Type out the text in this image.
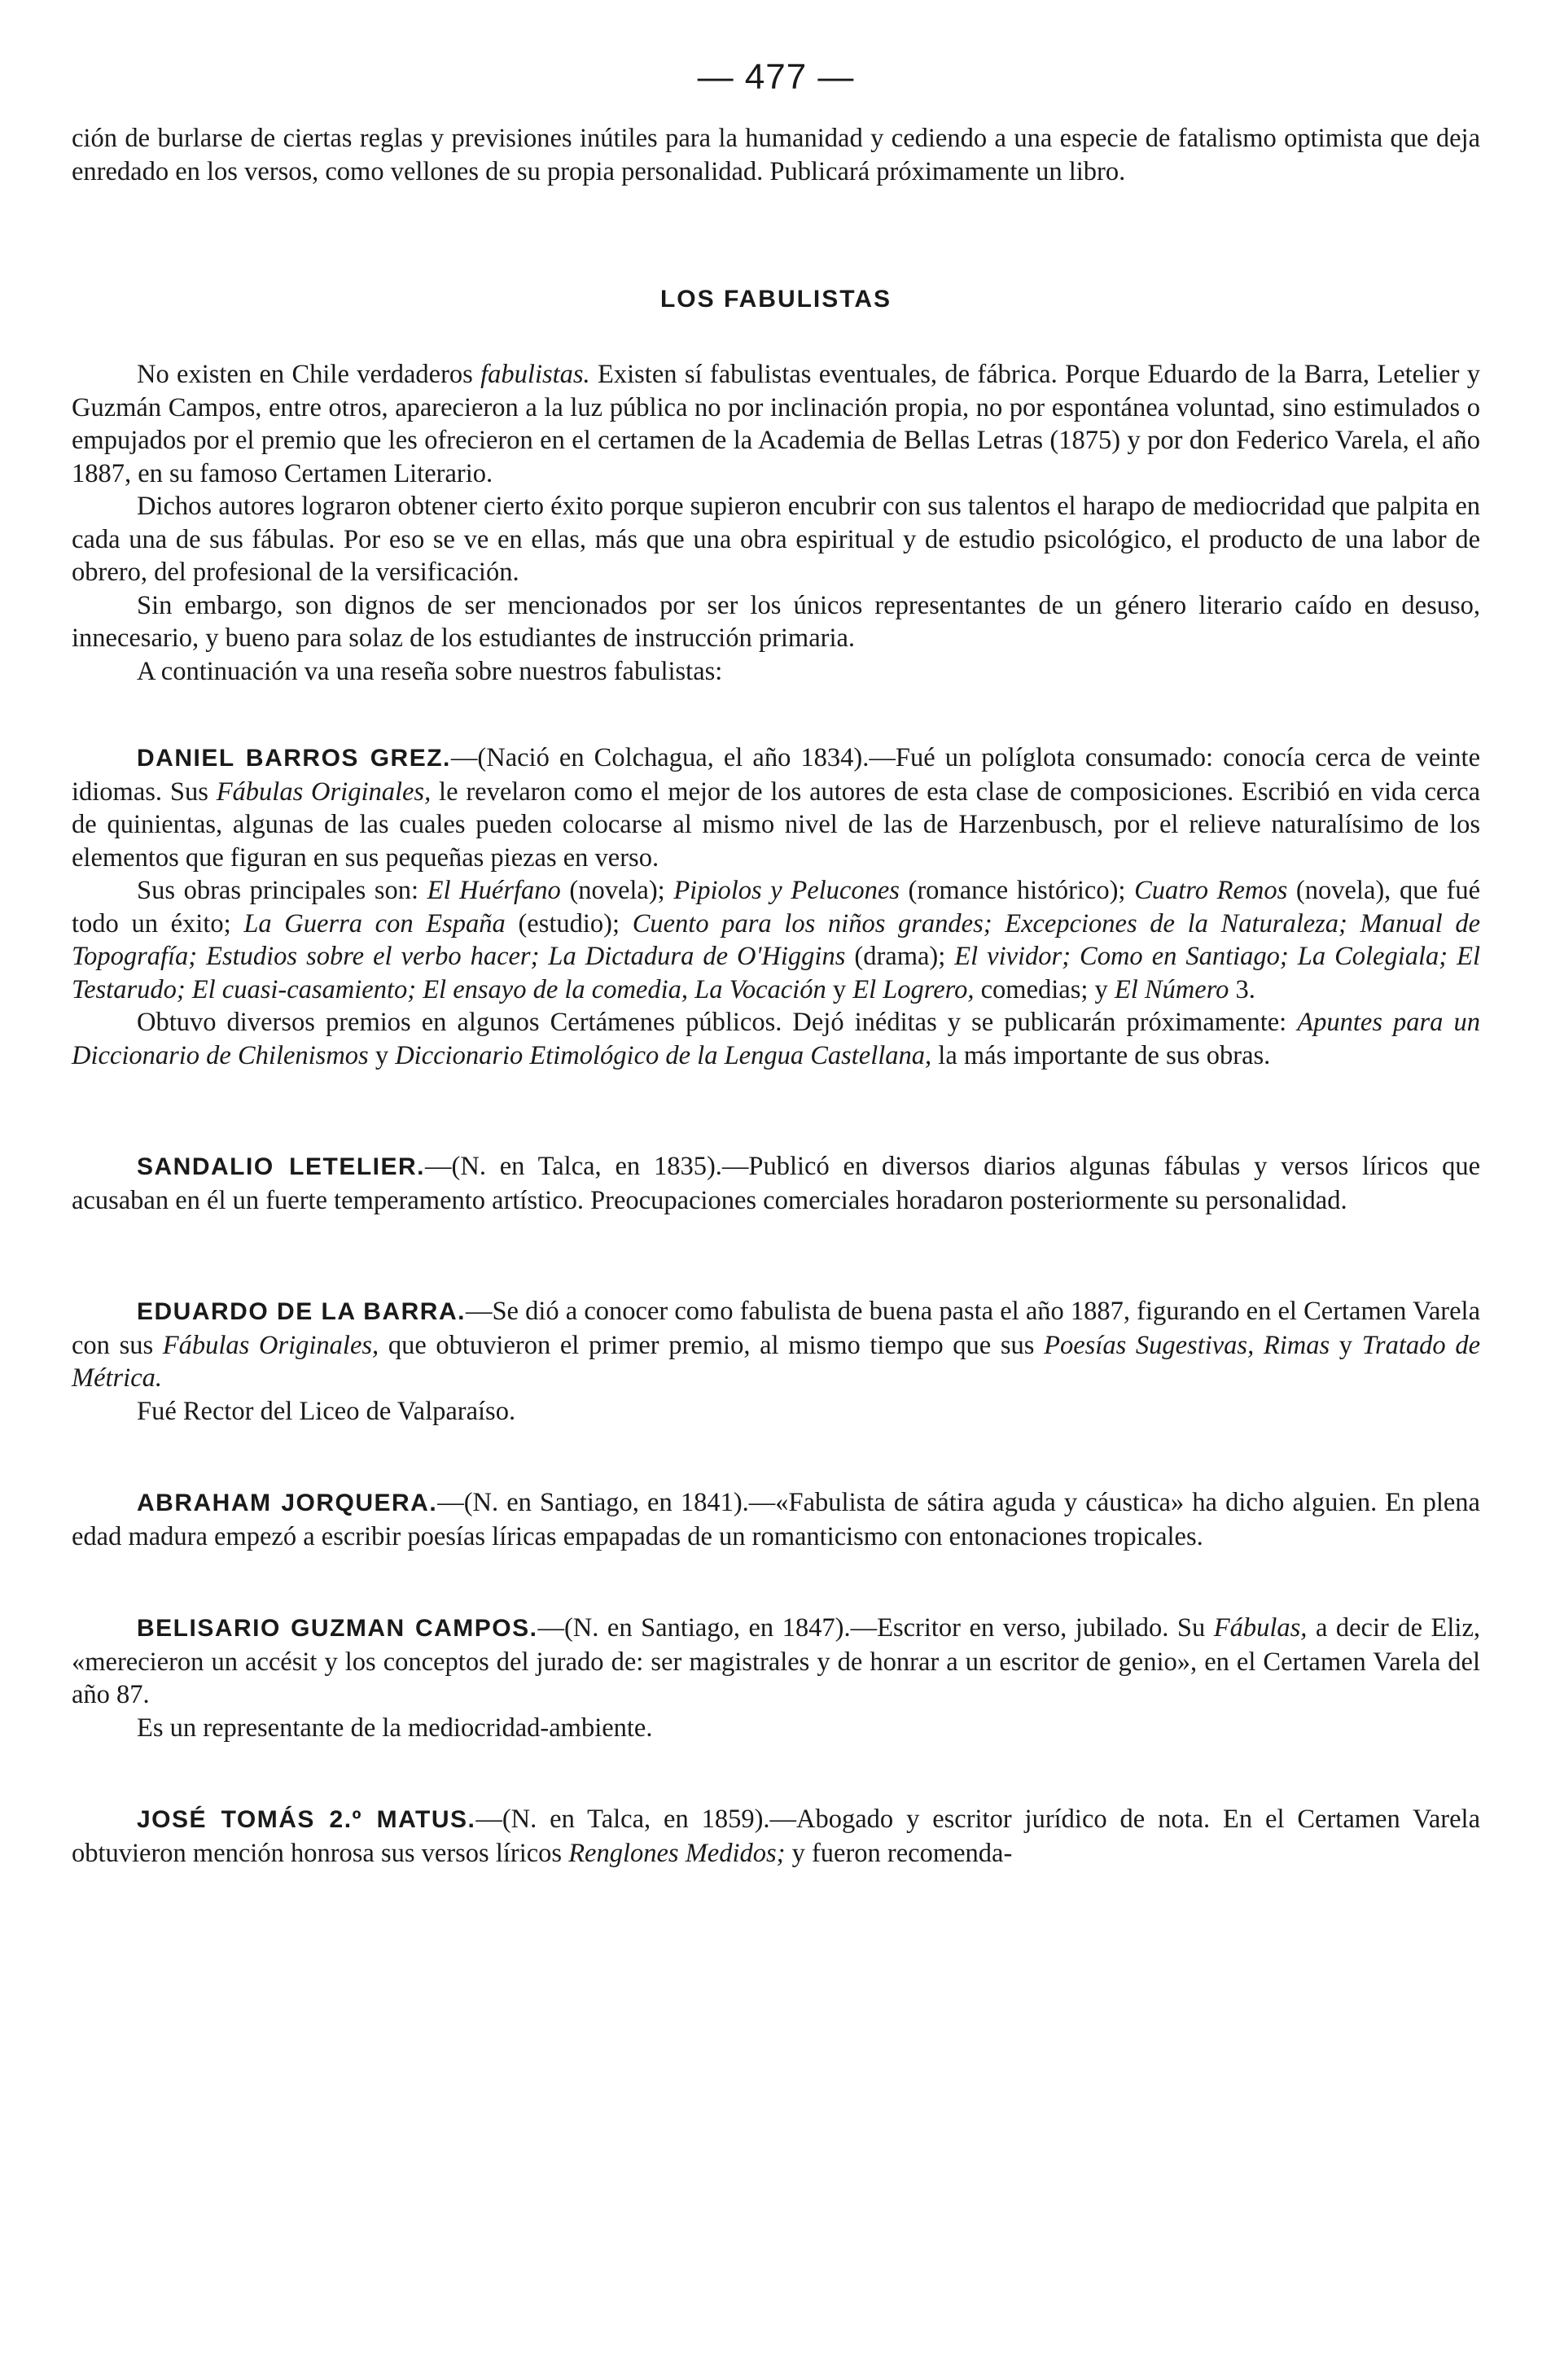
— 477 —

ción de burlarse de ciertas reglas y previsiones inútiles para la humanidad y cediendo a una especie de fatalismo optimista que deja enredado en los versos, como vellones de su propia personalidad. Publicará próximamente un libro.

LOS FABULISTAS

No existen en Chile verdaderos fabulistas. Existen sí fabulistas eventuales, de fábrica. Porque Eduardo de la Barra, Letelier y Guzmán Campos, entre otros, aparecieron a la luz pública no por inclinación propia, no por espontánea voluntad, sino estimulados o empujados por el premio que les ofrecieron en el certamen de la Academia de Bellas Letras (1875) y por don Federico Varela, el año 1887, en su famoso Certamen Literario.

Dichos autores lograron obtener cierto éxito porque supieron encubrir con sus talentos el harapo de mediocridad que palpita en cada una de sus fábulas. Por eso se ve en ellas, más que una obra espiritual y de estudio psicológico, el producto de una labor de obrero, del profesional de la versificación.

Sin embargo, son dignos de ser mencionados por ser los únicos representantes de un género literario caído en desuso, innecesario, y bueno para solaz de los estudiantes de instrucción primaria.

A continuación va una reseña sobre nuestros fabulistas:

DANIEL BARROS GREZ.—(Nació en Colchagua, el año 1834).—Fué un políglota consumado: conocía cerca de veinte idiomas. Sus Fábulas Originales, le revelaron como el mejor de los autores de esta clase de composiciones. Escribió en vida cerca de quinientas, algunas de las cuales pueden colocarse al mismo nivel de las de Harzenbusch, por el relieve naturalísimo de los elementos que figuran en sus pequeñas piezas en verso.

Sus obras principales son: El Huérfano (novela); Pipiolos y Pelucones (romance histórico); Cuatro Remos (novela), que fué todo un éxito; La Guerra con España (estudio); Cuento para los niños grandes; Excepciones de la Naturaleza; Manual de Topografía; Estudios sobre el verbo hacer; La Dictadura de O'Higgins (drama); El vividor; Como en Santiago; La Colegiala; El Testarudo; El cuasi-casamiento; El ensayo de la comedia, La Vocación y El Logrero, comedias; y El Número 3.

Obtuvo diversos premios en algunos Certámenes públicos. Dejó inéditas y se publicarán próximamente: Apuntes para un Diccionario de Chilenismos y Diccionario Etimológico de la Lengua Castellana, la más importante de sus obras.

SANDALIO LETELIER.—(N. en Talca, en 1835).—Publicó en diversos diarios algunas fábulas y versos líricos que acusaban en él un fuerte temperamento artístico. Preocupaciones comerciales horadaron posteriormente su personalidad.

EDUARDO DE LA BARRA.—Se dió a conocer como fabulista de buena pasta el año 1887, figurando en el Certamen Varela con sus Fábulas Originales, que obtuvieron el primer premio, al mismo tiempo que sus Poesías Sugestivas, Rimas y Tratado de Métrica.

Fué Rector del Liceo de Valparaíso.

ABRAHAM JORQUERA.—(N. en Santiago, en 1841).—«Fabulista de sátira aguda y cáustica» ha dicho alguien. En plena edad madura empezó a escribir poesías líricas empapadas de un romanticismo con entonaciones tropicales.

BELISARIO GUZMAN CAMPOS.—(N. en Santiago, en 1847).—Escritor en verso, jubilado. Su Fábulas, a decir de Eliz, «merecieron un accésit y los conceptos del jurado de: ser magistrales y de honrar a un escritor de genio», en el Certamen Varela del año 87.

Es un representante de la mediocridad-ambiente.

JOSÉ TOMÁS 2.º MATUS.—(N. en Talca, en 1859).—Abogado y escritor jurídico de nota. En el Certamen Varela obtuvieron mención honrosa sus versos líricos Renglones Medidos; y fueron recomenda-
